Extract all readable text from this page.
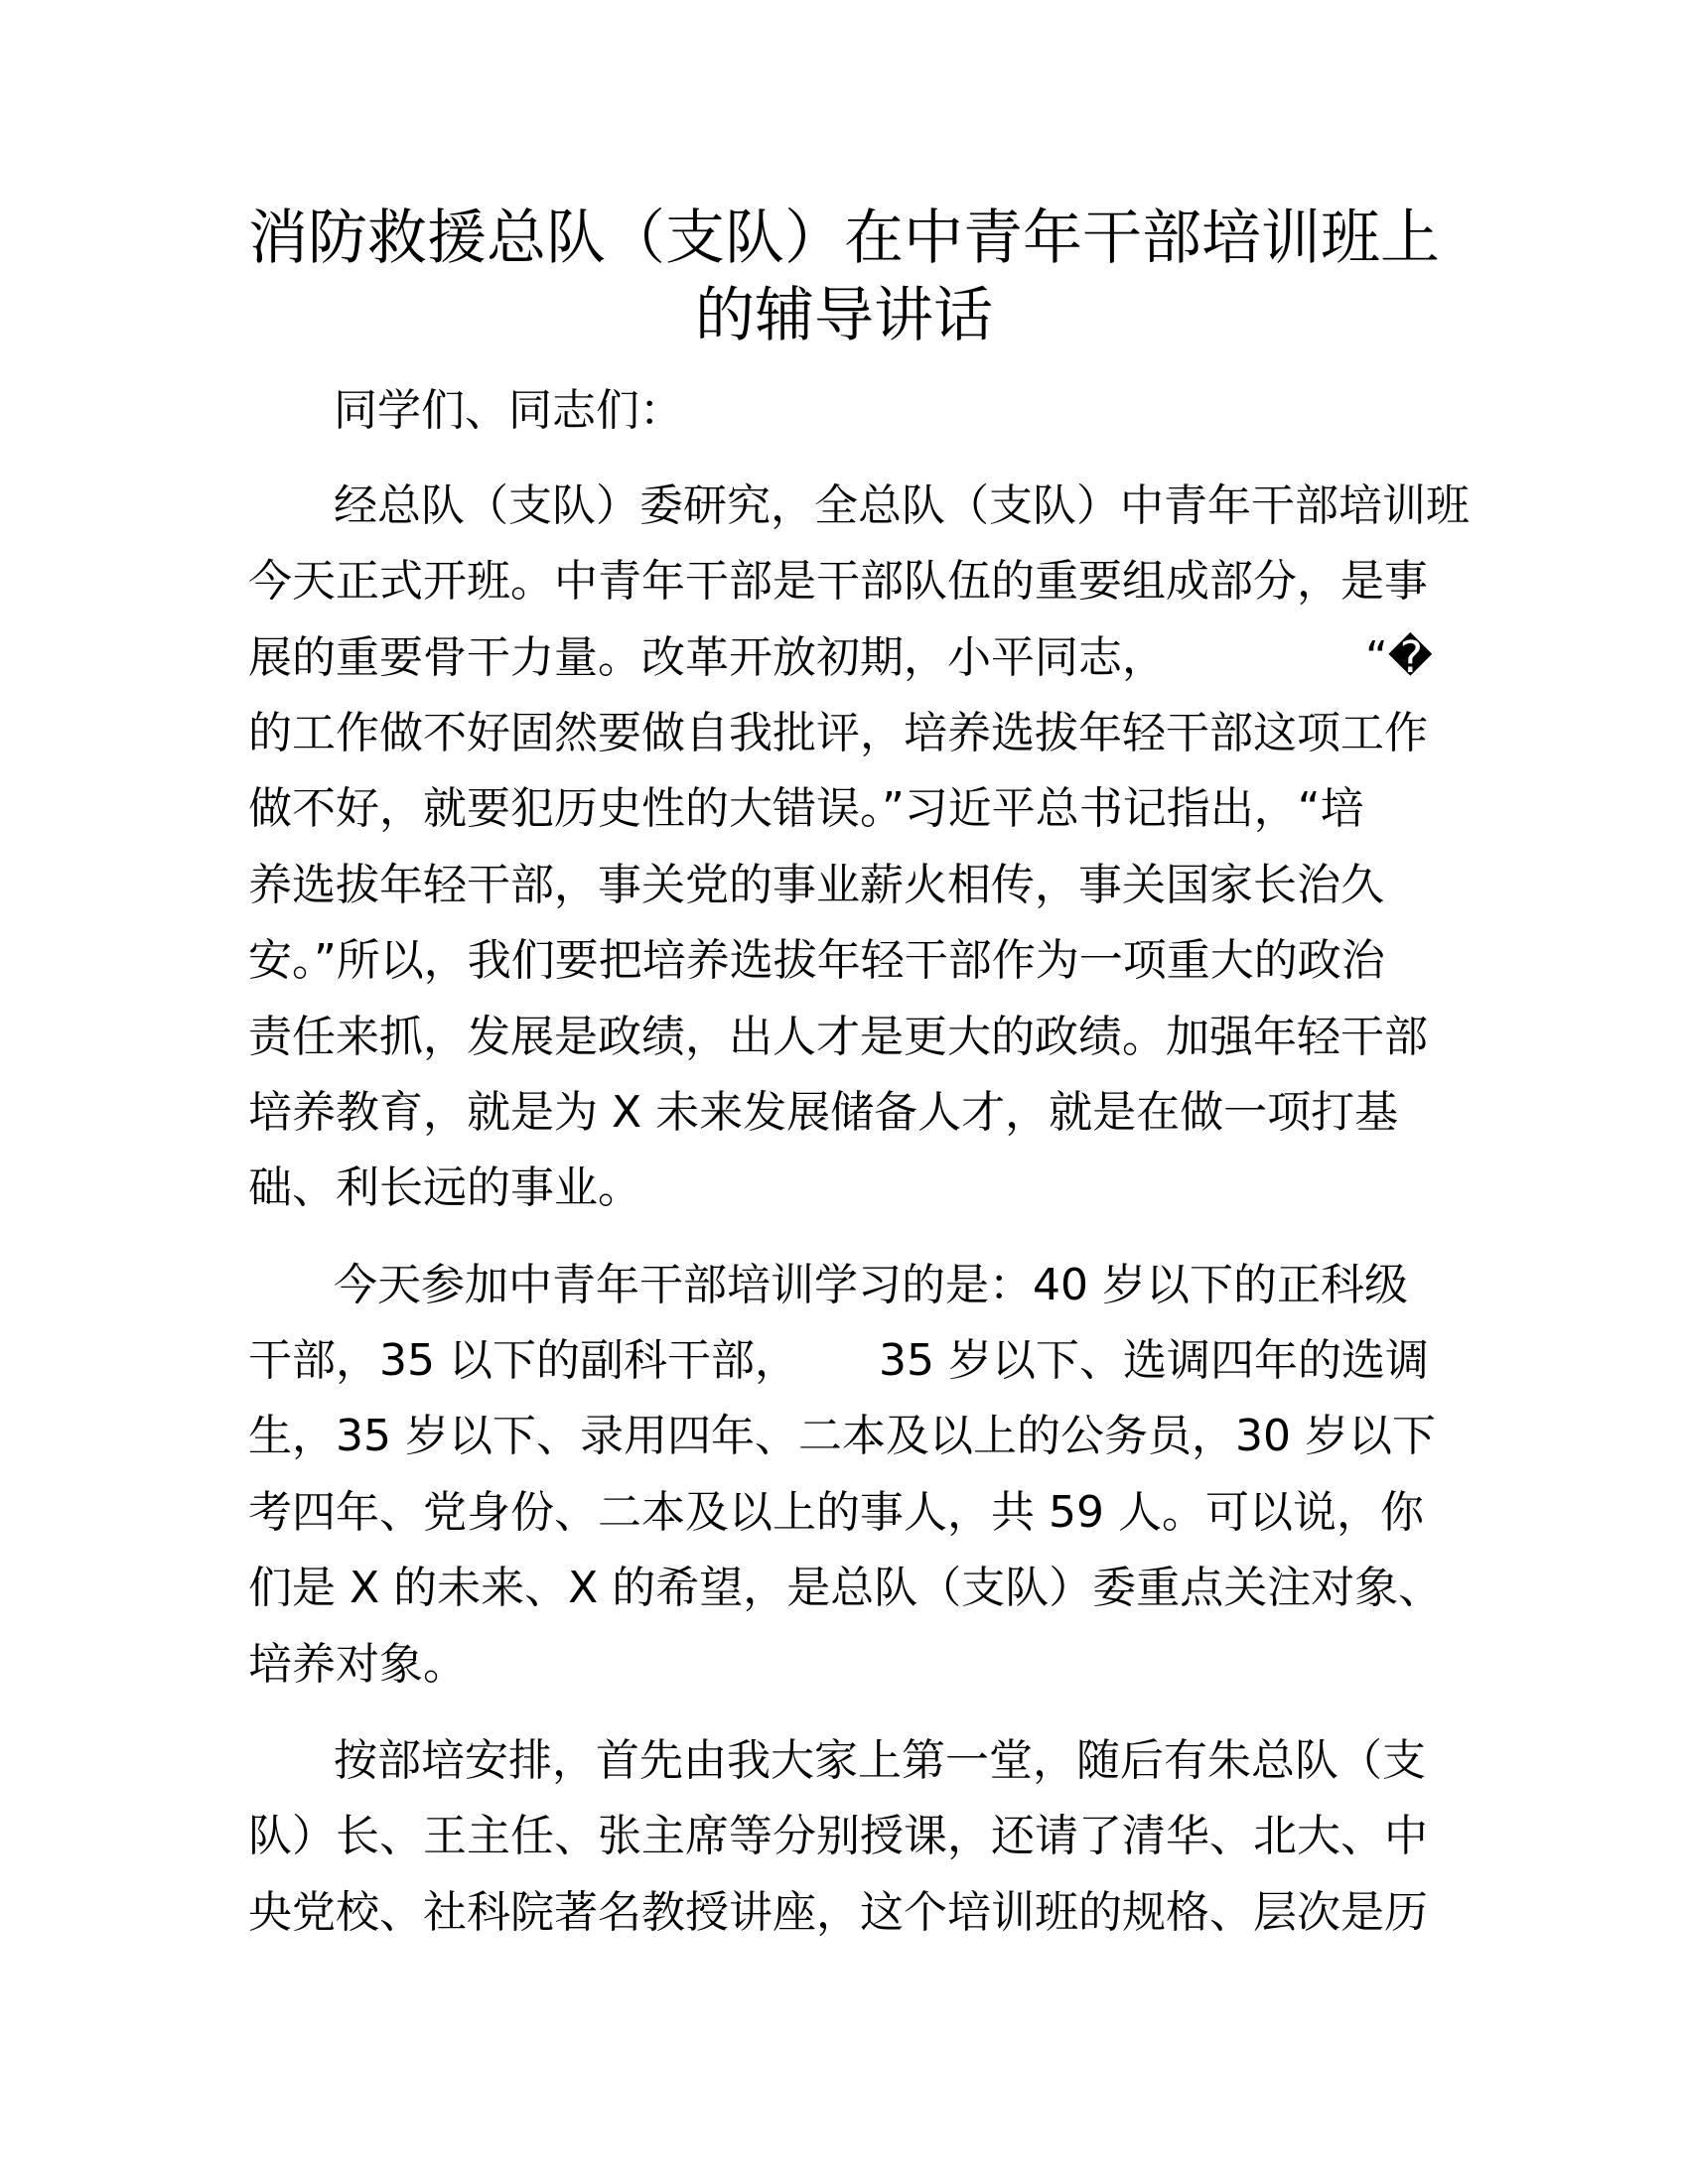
消防救援总队（支队）在中青年干部培训班上
的辅导讲话
同学们、同志们：
经总队（支队）委研究，全总队（支队）中青年干部培训班
今天正式开班。中青年干部是干部队伍的重要组成部分，是事
展的重要骨干力量。改革开放初期，小平同志，	“�
的工作做不好固然要做自我批评，培养选拔年轻干部这项工作
做不好，就要犯历史性的大错误。”习近平总书记指出，“培
养选拔年轻干部，事关党的事业薪火相传，事关国家长治久
安。”所以，我们要把培养选拔年轻干部作为一项重大的政治
责任来抓，发展是政绩，出人才是更大的政绩。加强年轻干部
培养教育，就是为 X 未来发展储备人才，就是在做一项打基
础、利长远的事业。
今天参加中青年干部培训学习的是：40 岁以下的正科级
干部，35 以下的副科干部， 35 岁以下、选调四年的选调
生，35 岁以下、录用四年、二本及以上的公务员，30 岁以下
考四年、党身份、二本及以上的事人，共 59 人。可以说，你
们是 X 的未来、X 的希望，是总队（支队）委重点关注对象、
培养对象。
按部培安排，首先由我大家上第一堂，随后有朱总队（支
队）长、王主任、张主席等分别授课，还请了清华、北大、中
央党校、社科院著名教授讲座，这个培训班的规格、层次是历
